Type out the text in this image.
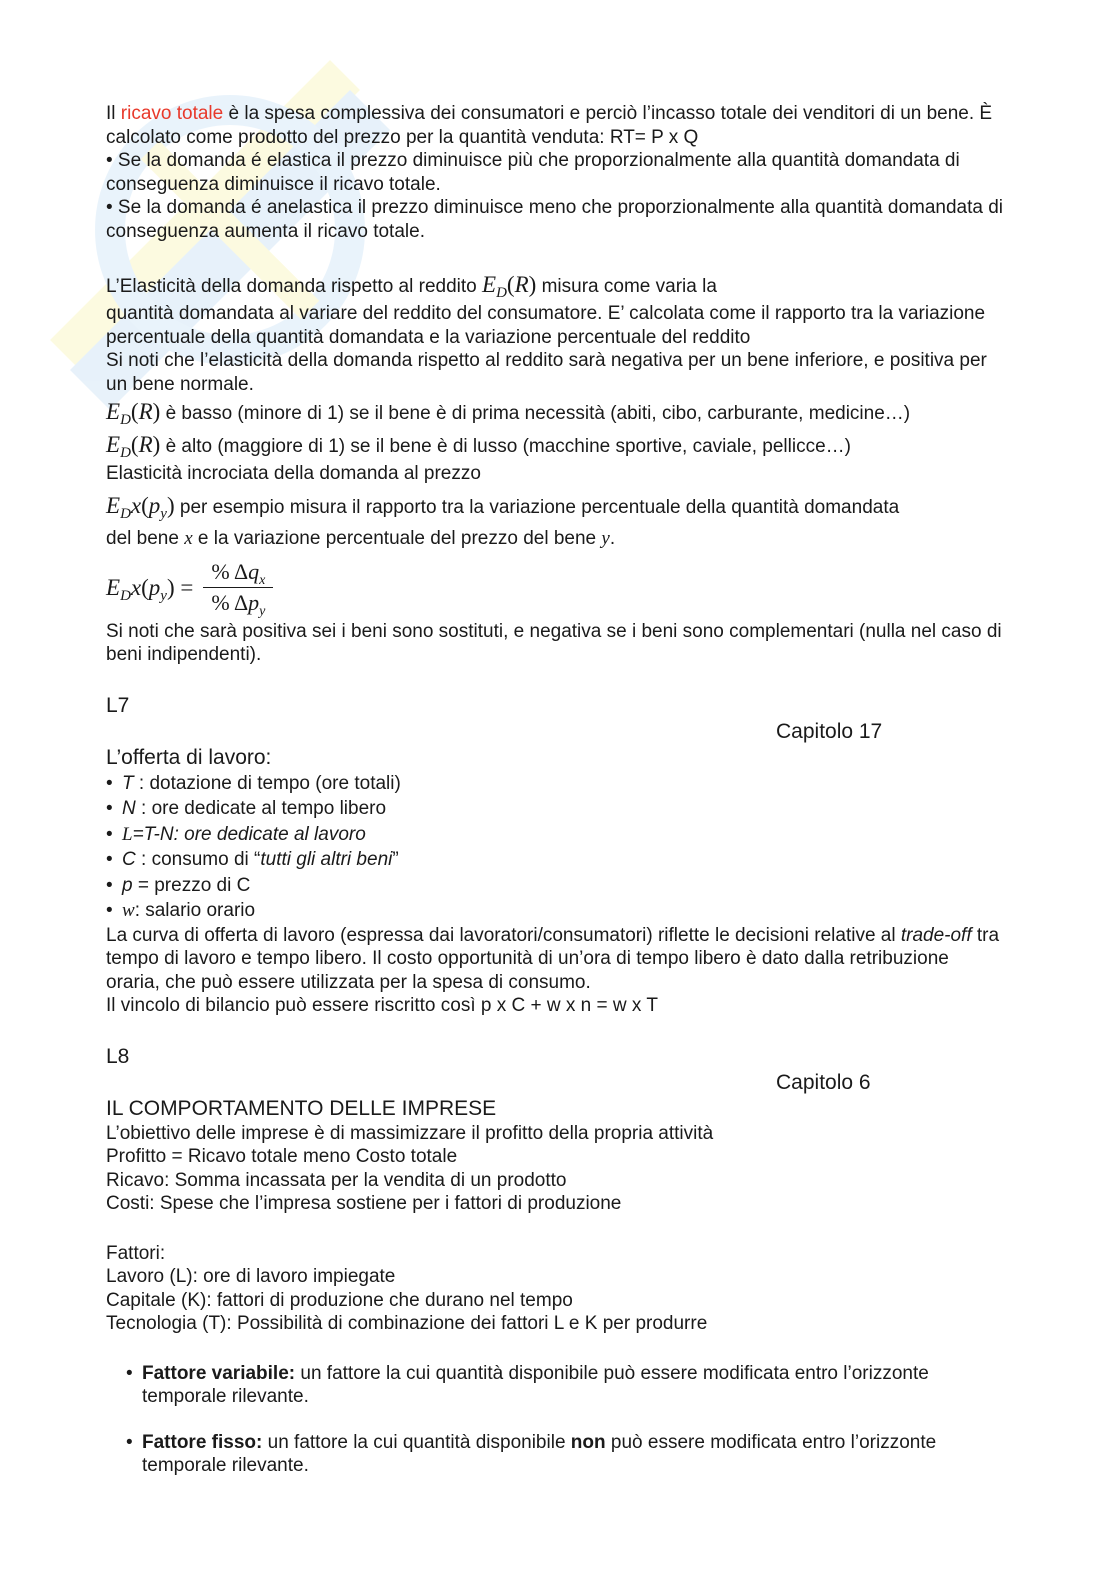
Il ricavo totale è la spesa complessiva dei consumatori e perciò l’incasso totale dei venditori di un bene. È calcolato come prodotto del prezzo per la quantità venduta: RT= P x Q

• Se la domanda é elastica il prezzo diminuisce più che proporzionalmente alla quantità domandata di conseguenza diminuisce il ricavo totale.

• Se la domanda é anelastica il prezzo diminuisce meno che proporzionalmente alla quantità domandata di conseguenza aumenta il ricavo totale.

L’Elasticità della domanda rispetto al reddito $E_D(R)$ misura come varia la

quantità domandata al variare del reddito del consumatore. E’ calcolata come il rapporto tra la variazione percentuale della quantità domandata e la variazione percentuale del reddito

Si noti che l’elasticità della domanda rispetto al reddito sarà negativa per un bene inferiore, e positiva per un bene normale.

$E_D(R)$ è basso (minore di 1) se il bene è di prima necessità (abiti, cibo, carburante, medicine…)

$E_D(R)$ è alto (maggiore di 1) se il bene è di lusso (macchine sportive, caviale, pellicce…)

Elasticità incrociata della domanda al prezzo

$E_Dx(p_y)$ per esempio misura il rapporto tra la variazione percentuale della quantità domandata

del bene x e la variazione percentuale del prezzo del bene y.

$E_Dx(p_y) = \frac{\% \Delta q_x}{\% \Delta p_y}$

Si noti che sarà positiva sei i beni sono sostituti, e negativa se i beni sono complementari (nulla nel caso di beni indipendenti).

L7

Capitolo 17

L’offerta di lavoro:

• T : dotazione di tempo (ore totali)

• N : ore dedicate al tempo libero

• L=T-N: ore dedicate al lavoro

• C : consumo di “tutti gli altri beni”

• p = prezzo di C

• w: salario orario

La curva di offerta di lavoro (espressa dai lavoratori/consumatori) riflette le decisioni relative al trade-off tra tempo di lavoro e tempo libero. Il costo opportunità di un’ora di tempo libero è dato dalla retribuzione oraria, che può essere utilizzata per la spesa di consumo.

Il vincolo di bilancio può essere riscritto così p x C + w x n = w x T

L8

Capitolo 6

IL COMPORTAMENTO DELLE IMPRESE

L’obiettivo delle imprese è di massimizzare il profitto della propria attività

Profitto = Ricavo totale meno Costo totale

Ricavo: Somma incassata per la vendita di un prodotto

Costi: Spese che l’impresa sostiene per i fattori di produzione

Fattori:

Lavoro (L): ore di lavoro impiegate

Capitale (K): fattori di produzione che durano nel tempo

Tecnologia (T): Possibilità di combinazione dei fattori L e K per produrre

• Fattore variabile: un fattore la cui quantità disponibile può essere modificata entro l’orizzonte temporale rilevante.
• Fattore fisso: un fattore la cui quantità disponibile non può essere modificata entro l’orizzonte temporale rilevante.
